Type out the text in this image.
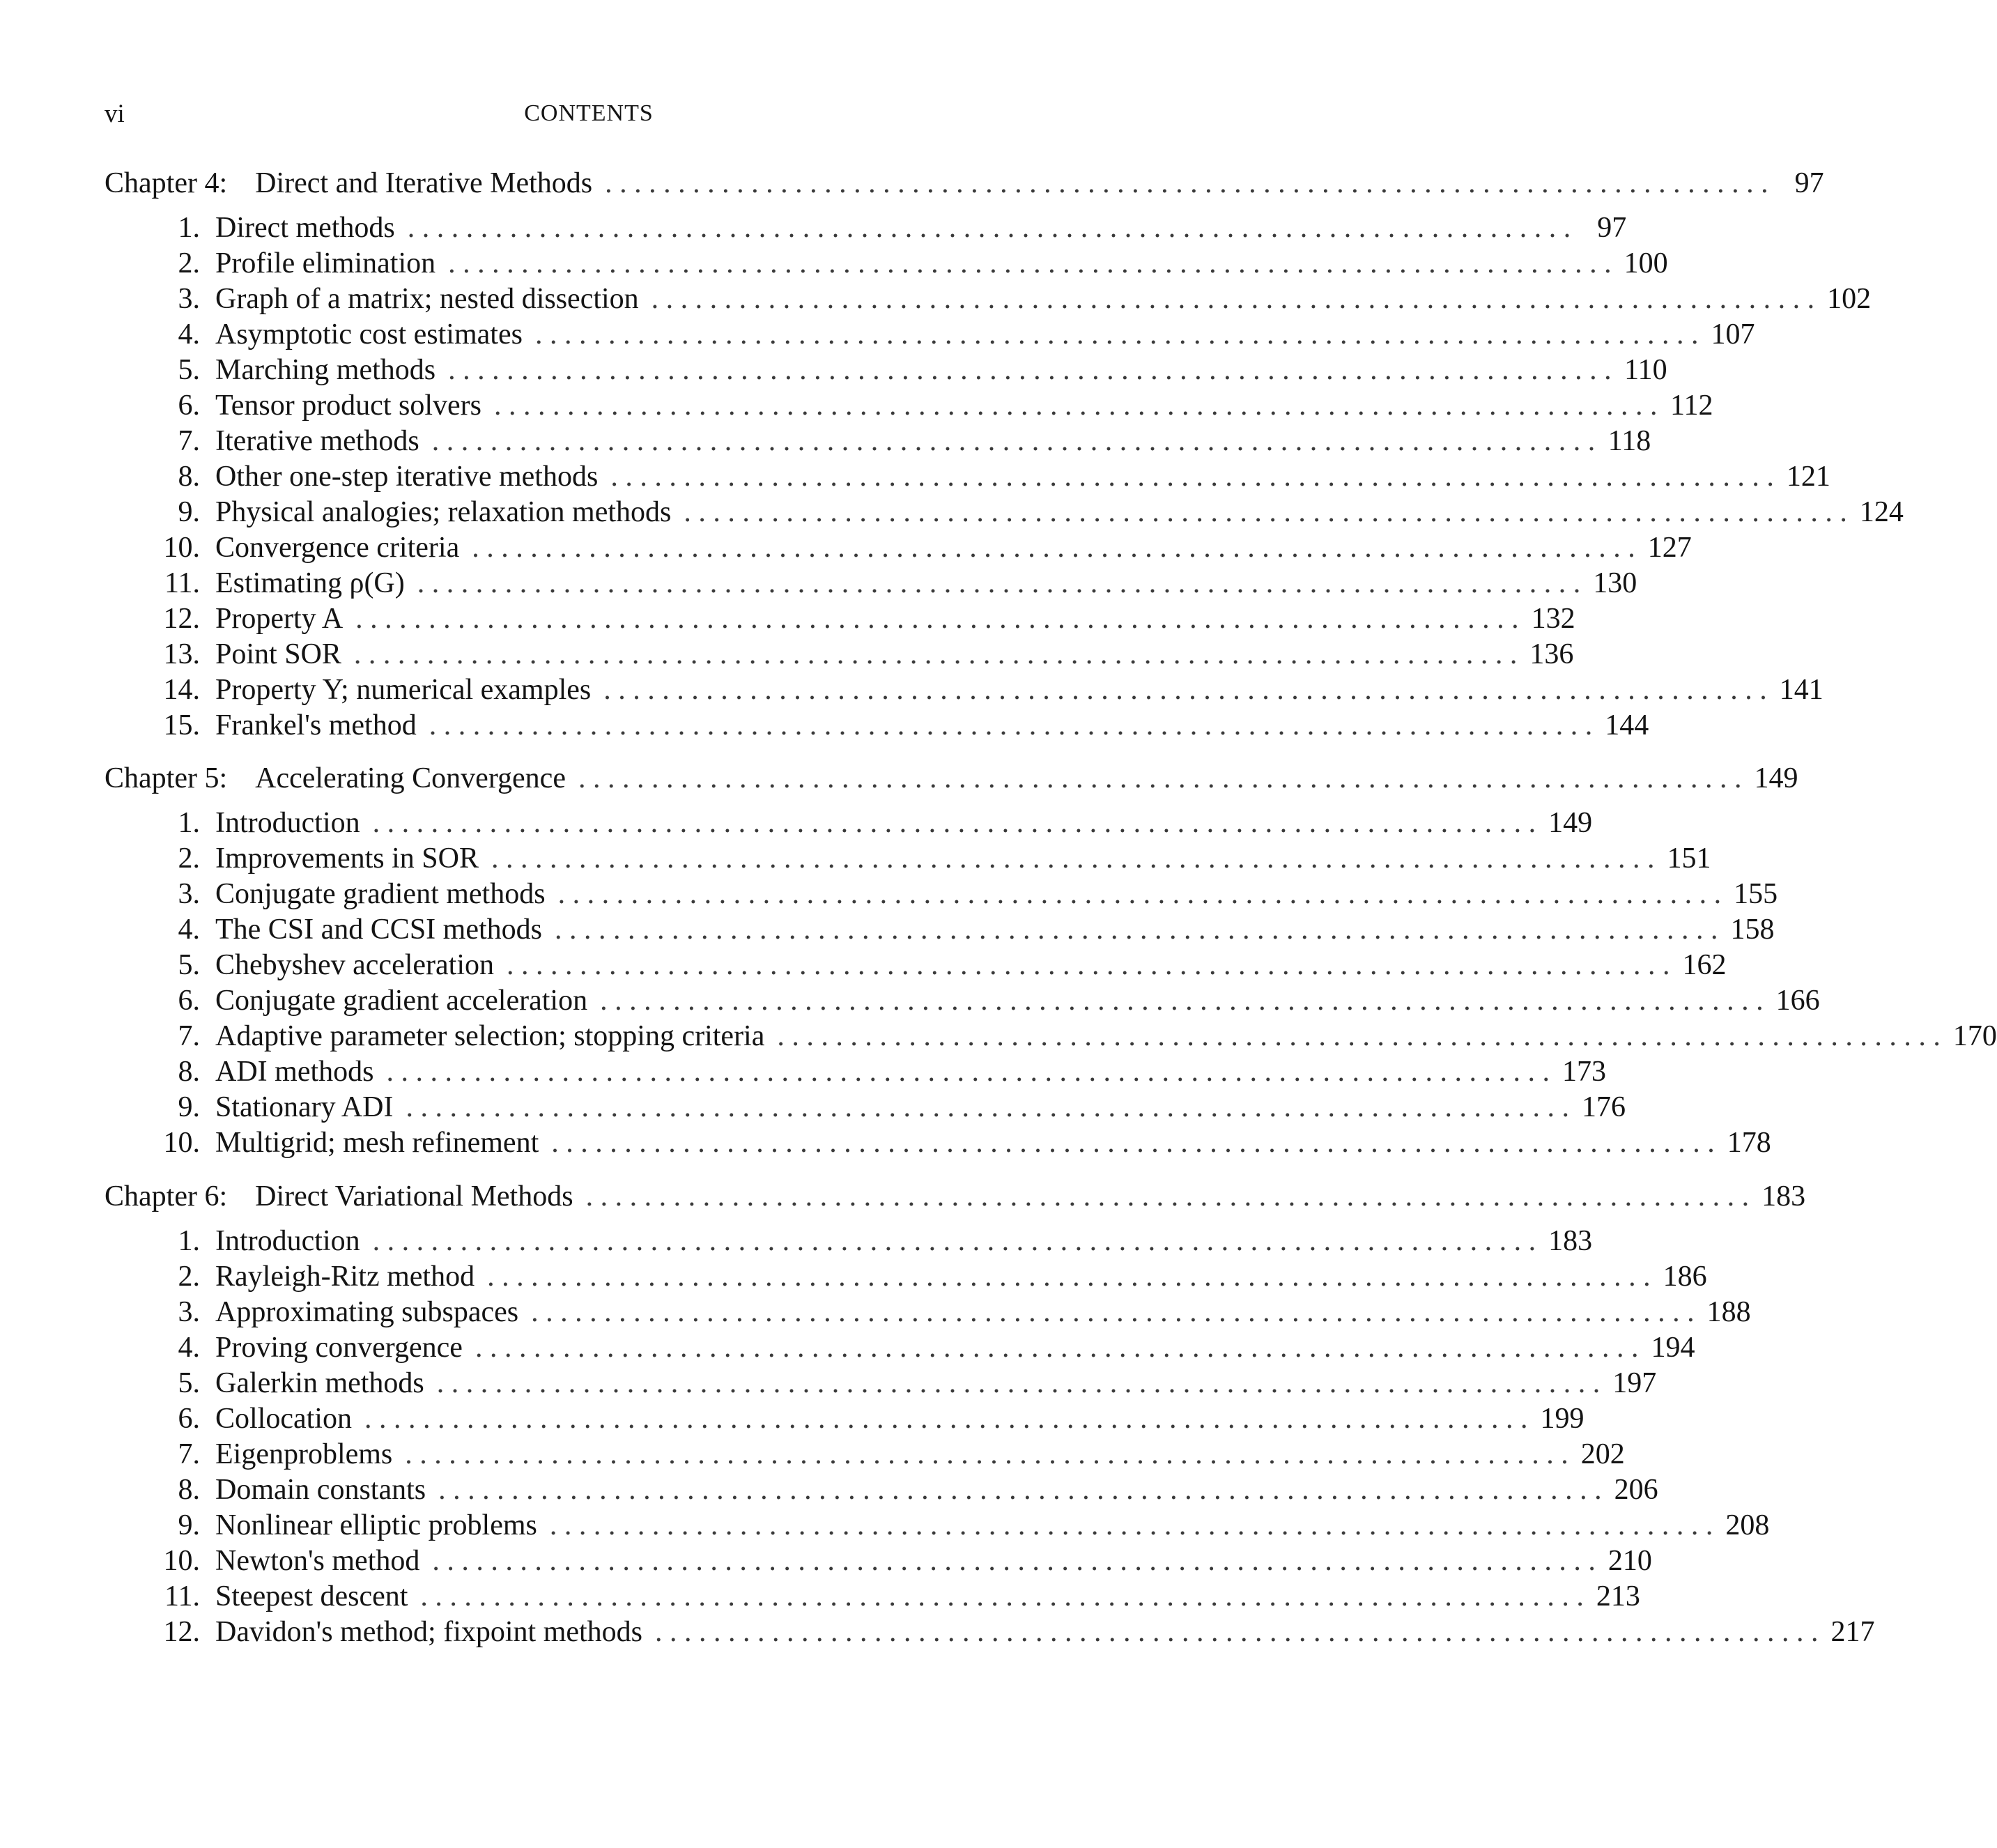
vi	CONTENTS
Chapter 4: Direct and Iterative Methods . . . . . . . . . . . . . . . . . . . . . . . . . . . . . . . . . . . . . . . . . . . . . . . . . . . . . . . . . . . . . . . . . . . . . . . . . . . . . . . . 97
1. Direct methods . . . . . . . . . . . . . . . . . . . . . . . . . . . . . . . . . . . . . . . . . . . . . . . . . . . . . . . . . . . . . . . . . . . . . . . . . . . . . . . . 97
2. Profile elimination . . . . . . . . . . . . . . . . . . . . . . . . . . . . . . . . . . . . . . . . . . . . . . . . . . . . . . . . . . . . . . . . . . . . . . . . . . . . . . . . 100
3. Graph of a matrix; nested dissection . . . . . . . . . . . . . . . . . . . . . . . . . . . . . . . . . . . . . . . . . . . . . . . . . . . . . . . . . . . . . . . . . . . . . . . . . . . . . . . . 102
4. Asymptotic cost estimates . . . . . . . . . . . . . . . . . . . . . . . . . . . . . . . . . . . . . . . . . . . . . . . . . . . . . . . . . . . . . . . . . . . . . . . . . . . . . . . . 107
5. Marching methods . . . . . . . . . . . . . . . . . . . . . . . . . . . . . . . . . . . . . . . . . . . . . . . . . . . . . . . . . . . . . . . . . . . . . . . . . . . . . . . . 110
6. Tensor product solvers . . . . . . . . . . . . . . . . . . . . . . . . . . . . . . . . . . . . . . . . . . . . . . . . . . . . . . . . . . . . . . . . . . . . . . . . . . . . . . . . 112
7. Iterative methods . . . . . . . . . . . . . . . . . . . . . . . . . . . . . . . . . . . . . . . . . . . . . . . . . . . . . . . . . . . . . . . . . . . . . . . . . . . . . . . . 118
8. Other one-step iterative methods . . . . . . . . . . . . . . . . . . . . . . . . . . . . . . . . . . . . . . . . . . . . . . . . . . . . . . . . . . . . . . . . . . . . . . . . . . . . . . . . 121
9. Physical analogies; relaxation methods . . . . . . . . . . . . . . . . . . . . . . . . . . . . . . . . . . . . . . . . . . . . . . . . . . . . . . . . . . . . . . . . . . . . . . . . . . . . . . . . 124
10. Convergence criteria . . . . . . . . . . . . . . . . . . . . . . . . . . . . . . . . . . . . . . . . . . . . . . . . . . . . . . . . . . . . . . . . . . . . . . . . . . . . . . . . 127
11. Estimating ρ(G) . . . . . . . . . . . . . . . . . . . . . . . . . . . . . . . . . . . . . . . . . . . . . . . . . . . . . . . . . . . . . . . . . . . . . . . . . . . . . . . . 130
12. Property A . . . . . . . . . . . . . . . . . . . . . . . . . . . . . . . . . . . . . . . . . . . . . . . . . . . . . . . . . . . . . . . . . . . . . . . . . . . . . . . . 132
13. Point SOR . . . . . . . . . . . . . . . . . . . . . . . . . . . . . . . . . . . . . . . . . . . . . . . . . . . . . . . . . . . . . . . . . . . . . . . . . . . . . . . . 136
14. Property Y; numerical examples . . . . . . . . . . . . . . . . . . . . . . . . . . . . . . . . . . . . . . . . . . . . . . . . . . . . . . . . . . . . . . . . . . . . . . . . . . . . . . . . 141
15. Frankel's method . . . . . . . . . . . . . . . . . . . . . . . . . . . . . . . . . . . . . . . . . . . . . . . . . . . . . . . . . . . . . . . . . . . . . . . . . . . . . . . . 144
Chapter 5: Accelerating Convergence . . . . . . . . . . . . . . . . . . . . . . . . . . . . . . . . . . . . . . . . . . . . . . . . . . . . . . . . . . . . . . . . . . . . . . . . . . . . . . . . 149
1. Introduction . . . . . . . . . . . . . . . . . . . . . . . . . . . . . . . . . . . . . . . . . . . . . . . . . . . . . . . . . . . . . . . . . . . . . . . . . . . . . . . . 149
2. Improvements in SOR . . . . . . . . . . . . . . . . . . . . . . . . . . . . . . . . . . . . . . . . . . . . . . . . . . . . . . . . . . . . . . . . . . . . . . . . . . . . . . . . 151
3. Conjugate gradient methods . . . . . . . . . . . . . . . . . . . . . . . . . . . . . . . . . . . . . . . . . . . . . . . . . . . . . . . . . . . . . . . . . . . . . . . . . . . . . . . . 155
4. The CSI and CCSI methods . . . . . . . . . . . . . . . . . . . . . . . . . . . . . . . . . . . . . . . . . . . . . . . . . . . . . . . . . . . . . . . . . . . . . . . . . . . . . . . . 158
5. Chebyshev acceleration . . . . . . . . . . . . . . . . . . . . . . . . . . . . . . . . . . . . . . . . . . . . . . . . . . . . . . . . . . . . . . . . . . . . . . . . . . . . . . . . 162
6. Conjugate gradient acceleration . . . . . . . . . . . . . . . . . . . . . . . . . . . . . . . . . . . . . . . . . . . . . . . . . . . . . . . . . . . . . . . . . . . . . . . . . . . . . . . . 166
7. Adaptive parameter selection; stopping criteria . . . . . . . . . . . . . . . . . . . . . . . . . . . . . . . . . . . . . . . . . . . . . . . . . . . . . . . . . . . . . . . . . . . . . . . . . . . . . . . . 170
8. ADI methods . . . . . . . . . . . . . . . . . . . . . . . . . . . . . . . . . . . . . . . . . . . . . . . . . . . . . . . . . . . . . . . . . . . . . . . . . . . . . . . . 173
9. Stationary ADI . . . . . . . . . . . . . . . . . . . . . . . . . . . . . . . . . . . . . . . . . . . . . . . . . . . . . . . . . . . . . . . . . . . . . . . . . . . . . . . . 176
10. Multigrid; mesh refinement . . . . . . . . . . . . . . . . . . . . . . . . . . . . . . . . . . . . . . . . . . . . . . . . . . . . . . . . . . . . . . . . . . . . . . . . . . . . . . . . 178
Chapter 6: Direct Variational Methods . . . . . . . . . . . . . . . . . . . . . . . . . . . . . . . . . . . . . . . . . . . . . . . . . . . . . . . . . . . . . . . . . . . . . . . . . . . . . . . . 183
1. Introduction . . . . . . . . . . . . . . . . . . . . . . . . . . . . . . . . . . . . . . . . . . . . . . . . . . . . . . . . . . . . . . . . . . . . . . . . . . . . . . . . 183
2. Rayleigh-Ritz method . . . . . . . . . . . . . . . . . . . . . . . . . . . . . . . . . . . . . . . . . . . . . . . . . . . . . . . . . . . . . . . . . . . . . . . . . . . . . . . . 186
3. Approximating subspaces . . . . . . . . . . . . . . . . . . . . . . . . . . . . . . . . . . . . . . . . . . . . . . . . . . . . . . . . . . . . . . . . . . . . . . . . . . . . . . . . 188
4. Proving convergence . . . . . . . . . . . . . . . . . . . . . . . . . . . . . . . . . . . . . . . . . . . . . . . . . . . . . . . . . . . . . . . . . . . . . . . . . . . . . . . . 194
5. Galerkin methods . . . . . . . . . . . . . . . . . . . . . . . . . . . . . . . . . . . . . . . . . . . . . . . . . . . . . . . . . . . . . . . . . . . . . . . . . . . . . . . . 197
6. Collocation . . . . . . . . . . . . . . . . . . . . . . . . . . . . . . . . . . . . . . . . . . . . . . . . . . . . . . . . . . . . . . . . . . . . . . . . . . . . . . . . 199
7. Eigenproblems . . . . . . . . . . . . . . . . . . . . . . . . . . . . . . . . . . . . . . . . . . . . . . . . . . . . . . . . . . . . . . . . . . . . . . . . . . . . . . . . 202
8. Domain constants . . . . . . . . . . . . . . . . . . . . . . . . . . . . . . . . . . . . . . . . . . . . . . . . . . . . . . . . . . . . . . . . . . . . . . . . . . . . . . . . 206
9. Nonlinear elliptic problems . . . . . . . . . . . . . . . . . . . . . . . . . . . . . . . . . . . . . . . . . . . . . . . . . . . . . . . . . . . . . . . . . . . . . . . . . . . . . . . . 208
10. Newton's method . . . . . . . . . . . . . . . . . . . . . . . . . . . . . . . . . . . . . . . . . . . . . . . . . . . . . . . . . . . . . . . . . . . . . . . . . . . . . . . . 210
11. Steepest descent . . . . . . . . . . . . . . . . . . . . . . . . . . . . . . . . . . . . . . . . . . . . . . . . . . . . . . . . . . . . . . . . . . . . . . . . . . . . . . . . 213
12. Davidon's method; fixpoint methods . . . . . . . . . . . . . . . . . . . . . . . . . . . . . . . . . . . . . . . . . . . . . . . . . . . . . . . . . . . . . . . . . . . . . . . . . . . . . . . . 217
